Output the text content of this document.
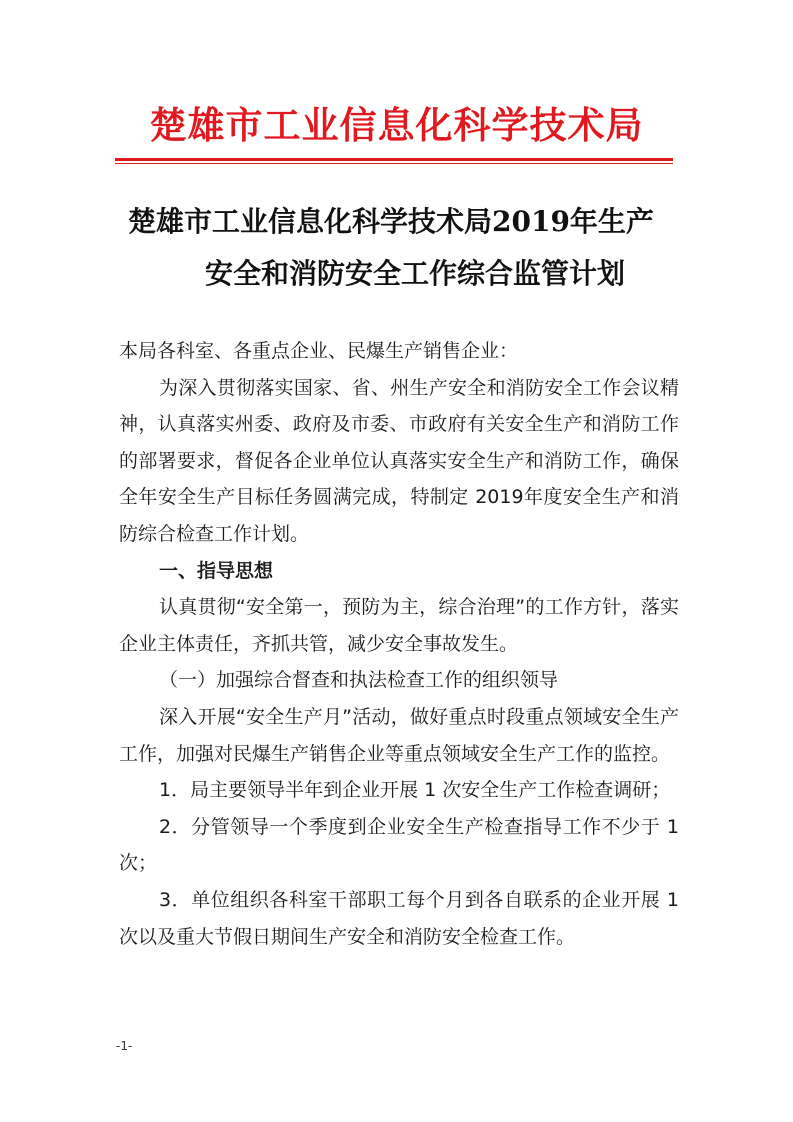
楚雄市工业信息化科学技术局
楚雄市工业信息化科学技术局2019年生产
安全和消防安全工作综合监管计划

本局各科室、各重点企业、民爆生产销售企业：

为深入贯彻落实国家、省、州生产安全和消防安全工作会议精神，认真落实州委、政府及市委、市政府有关安全生产和消防工作的部署要求，督促各企业单位认真落实安全生产和消防工作，确保全年安全生产目标任务圆满完成，特制定 2019年度安全生产和消防综合检查工作计划。

一、指导思想

认真贯彻“安全第一，预防为主，综合治理”的工作方针，落实企业主体责任，齐抓共管，减少安全事故发生。

（一）加强综合督查和执法检查工作的组织领导

深入开展“安全生产月”活动，做好重点时段重点领域安全生产工作，加强对民爆生产销售企业等重点领域安全生产工作的监控。

1．局主要领导半年到企业开展 1 次安全生产工作检查调研；

2．分管领导一个季度到企业安全生产检查指导工作不少于 1 次；

3．单位组织各科室干部职工每个月到各自联系的企业开展 1 次以及重大节假日期间生产安全和消防安全检查工作。

-1-
